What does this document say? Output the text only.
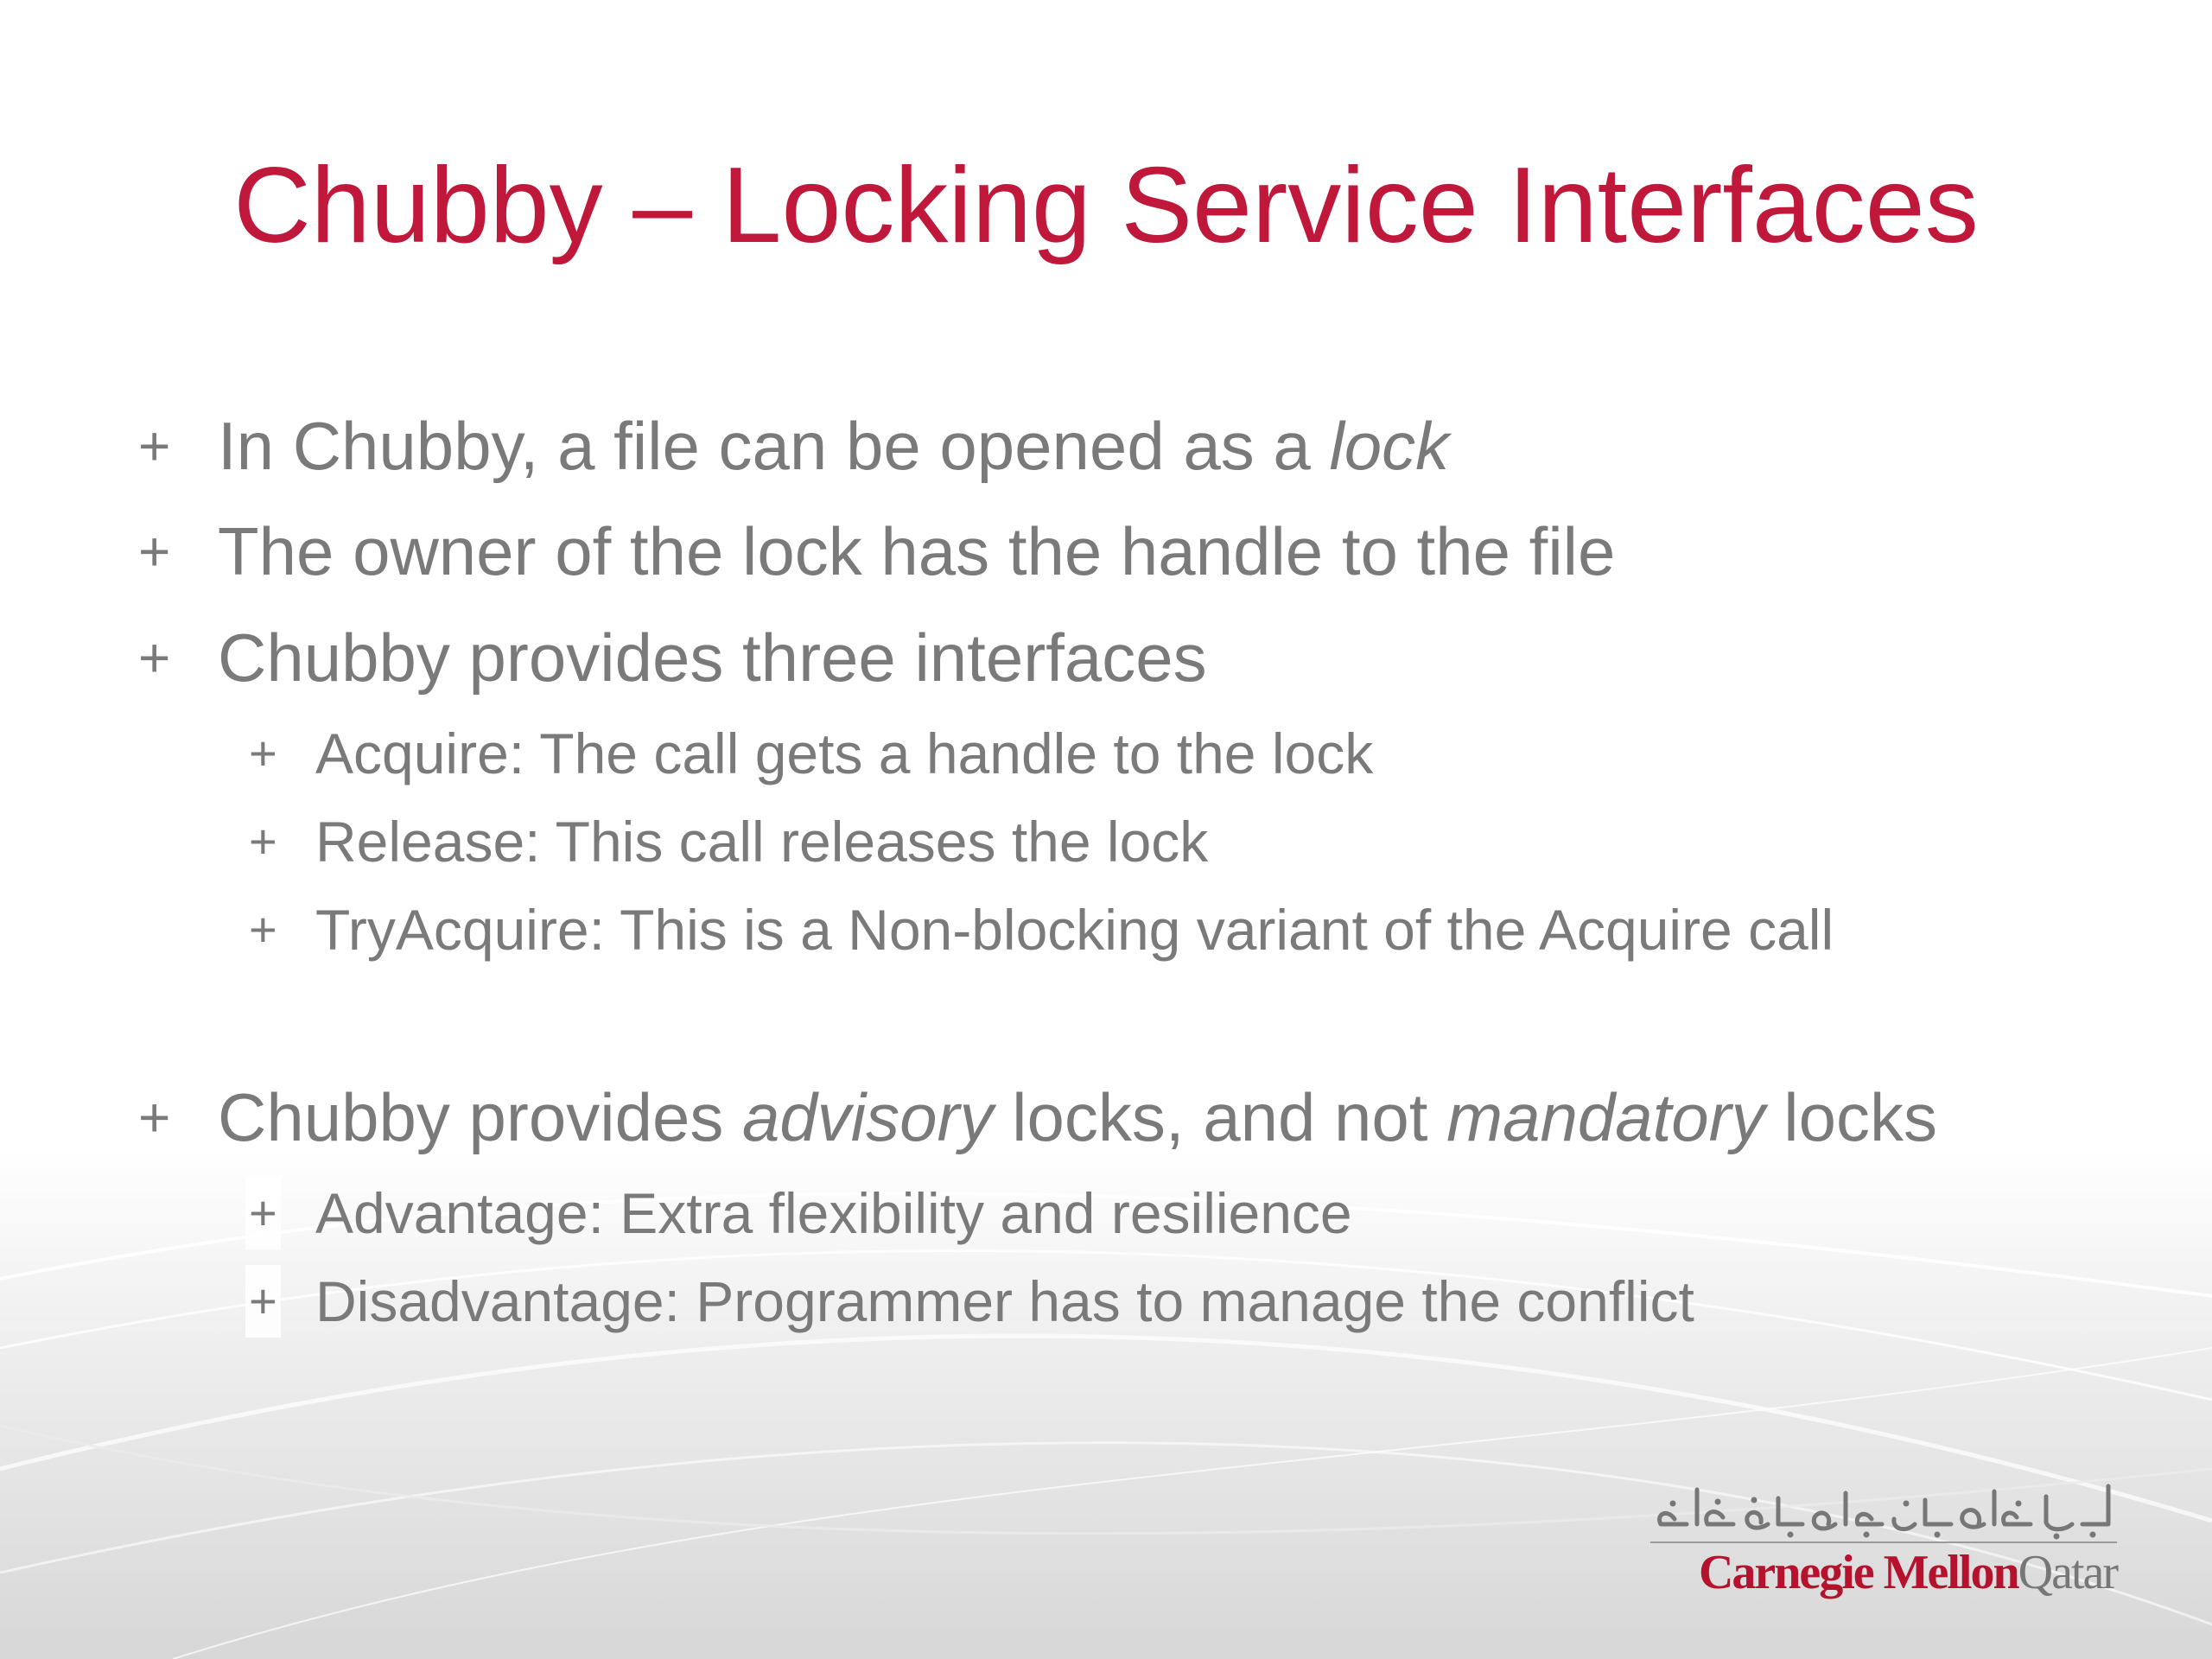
Chubby – Locking Service Interfaces
+ In Chubby, a file can be opened as a lock
+ The owner of the lock has the handle to the file
+ Chubby provides three interfaces
+ Acquire: The call gets a handle to the lock
+ Release: This call releases the lock
+ TryAcquire: This is a Non-blocking variant of the Acquire call
+ Chubby provides advisory locks, and not mandatory locks
+ Advantage: Extra flexibility and resilience
+ Disadvantage: Programmer has to manage the conflict
Carnegie MellonQatar
